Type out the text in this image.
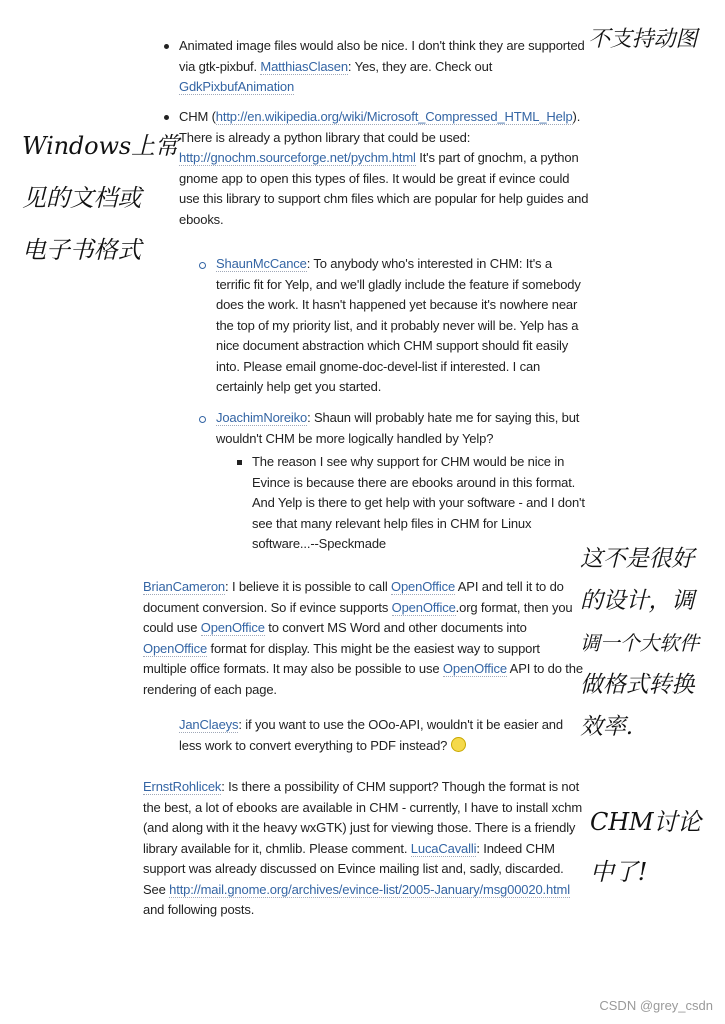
Animated image files would also be nice. I don't think they are supported via gtk-pixbuf. MatthiasClasen: Yes, they are. Check out GdkPixbufAnimation
CHM (http://en.wikipedia.org/wiki/Microsoft_Compressed_HTML_Help). There is already a python library that could be used: http://gnochm.sourceforge.net/pychm.html It's part of gnochm, a python gnome app to open this types of files. It would be great if evince could use this library to support chm files which are popular for help guides and ebooks.
ShaunMcCance: To anybody who's interested in CHM: It's a terrific fit for Yelp, and we'll gladly include the feature if somebody does the work. It hasn't happened yet because it's nowhere near the top of my priority list, and it probably never will be. Yelp has a nice document abstraction which CHM support should fit easily into. Please email gnome-doc-devel-list if interested. I can certainly help get you started.
JoachimNoreiko: Shaun will probably hate me for saying this, but wouldn't CHM be more logically handled by Yelp?
The reason I see why support for CHM would be nice in Evince is because there are ebooks around in this format. And Yelp is there to get help with your software - and I don't see that many relevant help files in CHM for Linux software...--Speckmade
BrianCameron: I believe it is possible to call OpenOffice API and tell it to do document conversion. So if evince supports OpenOffice.org format, then you could use OpenOffice to convert MS Word and other documents into OpenOffice format for display. This might be the easiest way to support multiple office formats. It may also be possible to use OpenOffice API to do the rendering of each page.
JanClaeys: if you want to use the OOo-API, wouldn't it be easier and less work to convert everything to PDF instead?
ErnstRohlicek: Is there a possibility of CHM support? Though the format is not the best, a lot of ebooks are available in CHM - currently, I have to install xchm (and along with it the heavy wxGTK) just for viewing those. There is a friendly library available for it, chmlib. Please comment. LucaCavalli: Indeed CHM support was already discussed on Evince mailing list and, sadly, discarded. See http://mail.gnome.org/archives/evince-list/2005-January/msg00020.html and following posts.
不支持动图
Windows上常
见的文档或
电子书格式
这不是很好
的设计，调
调一个大软件
做格式转换
效率.
CHM讨论
中了!
CSDN @grey_csdn
